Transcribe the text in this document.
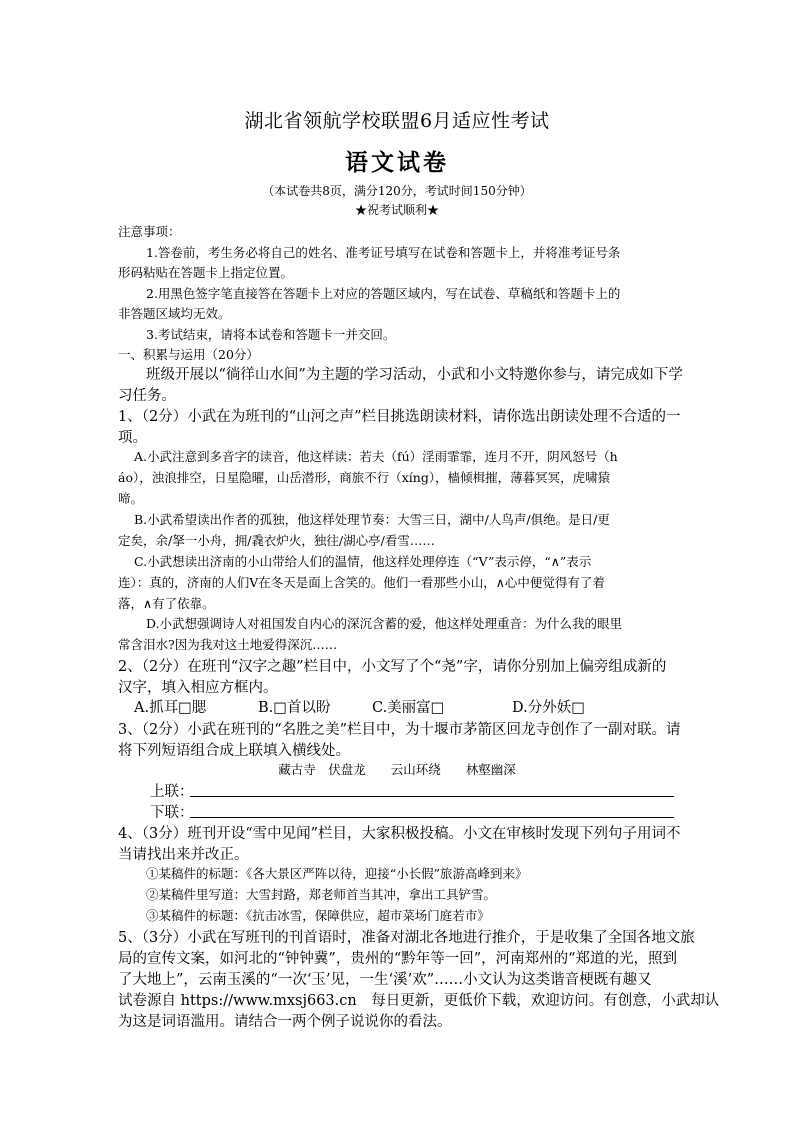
湖北省领航学校联盟6月适应性考试
语文试卷
（本试卷共8页，满分120分，考试时间150分钟）
★祝考试顺利★
注意事项：
1.答卷前，考生务必将自己的姓名、准考证号填写在试卷和答题卡上，并将准考证号条
形码粘贴在答题卡上指定位置。
2.用黑色签字笔直接答在答题卡上对应的答题区域内，写在试卷、草稿纸和答题卡上的
非答题区域均无效。
3.考试结束，请将本试卷和答题卡一并交回。
一、积累与运用（20分）
班级开展以“徜徉山水间”为主题的学习活动，小武和小文特邀你参与，请完成如下学
习任务。
1、（2分）小武在为班刊的“山河之声”栏目挑选朗读材料，请你选出朗读处理不合适的一
项。
A.小武注意到多音字的读音，他这样读：若夫（fú）淫雨霏霏，连月不开，阴风怒号（h
áo），浊浪排空，日星隐曜，山岳潜形，商旅不行（xíng），樯倾楫摧，薄暮冥冥，虎啸猿
啼。
B.小武希望读出作者的孤独，他这样处理节奏：大雪三日，湖中/人鸟声/俱绝。是日/更
定矣，余/拏一小舟，拥/毳衣炉火，独往/湖心亭/看雪……
C.小武想读出济南的小山带给人们的温情，他这样处理停连（“V”表示停，“∧”表示
连）：真的，济南的人们V在冬天是面上含笑的。他们一看那些小山，∧心中便觉得有了着
落，∧有了依靠。
D.小武想强调诗人对祖国发自内心的深沉含蓄的爱，他这样处理重音：为什么我的眼里
常含泪水?因为我对这土地爱得深沉……
2、（2分）在班刊“汉字之趣”栏目中，小文写了个“尧”字，请你分别加上偏旁组成新的
汉字，填入相应方框内。
A.抓耳□腮	B.□首以盼	C.美丽富□	D.分外妖□
3、（2分）小武在班刊的“名胜之美”栏目中，为十堰市茅箭区回龙寺创作了一副对联。请
将下列短语组合成上联填入横线处。
藏古寺　伏盘龙　　云山环绕　　林壑幽深
上联：
下联：
4、（3分）班刊开设“雪中见闻”栏目，大家积极投稿。小文在审核时发现下列句子用词不
当请找出来并改正。
①某稿件的标题：《各大景区严阵以待，迎接“小长假”旅游高峰到来》
②某稿件里写道：大雪封路，郑老师首当其冲，拿出工具铲雪。
③某稿件的标题：《抗击冰雪，保障供应，超市菜场门庭若市》
5、（3分）小武在写班刊的刊首语时，准备对湖北各地进行推介，于是收集了全国各地文旅
局的宣传文案，如河北的“钟钟冀”，贵州的“黔年等一回”，河南郑州的“郑道的光，照到
了大地上”，云南玉溪的“一次‘玉’见，一生‘溪’欢”……小文认为这类谐音梗既有趣又
试卷源自 https://www.mxsj663.cn　每日更新，更低价下载，欢迎访问。有创意，小武却认
为这是词语滥用。请结合一两个例子说说你的看法。
